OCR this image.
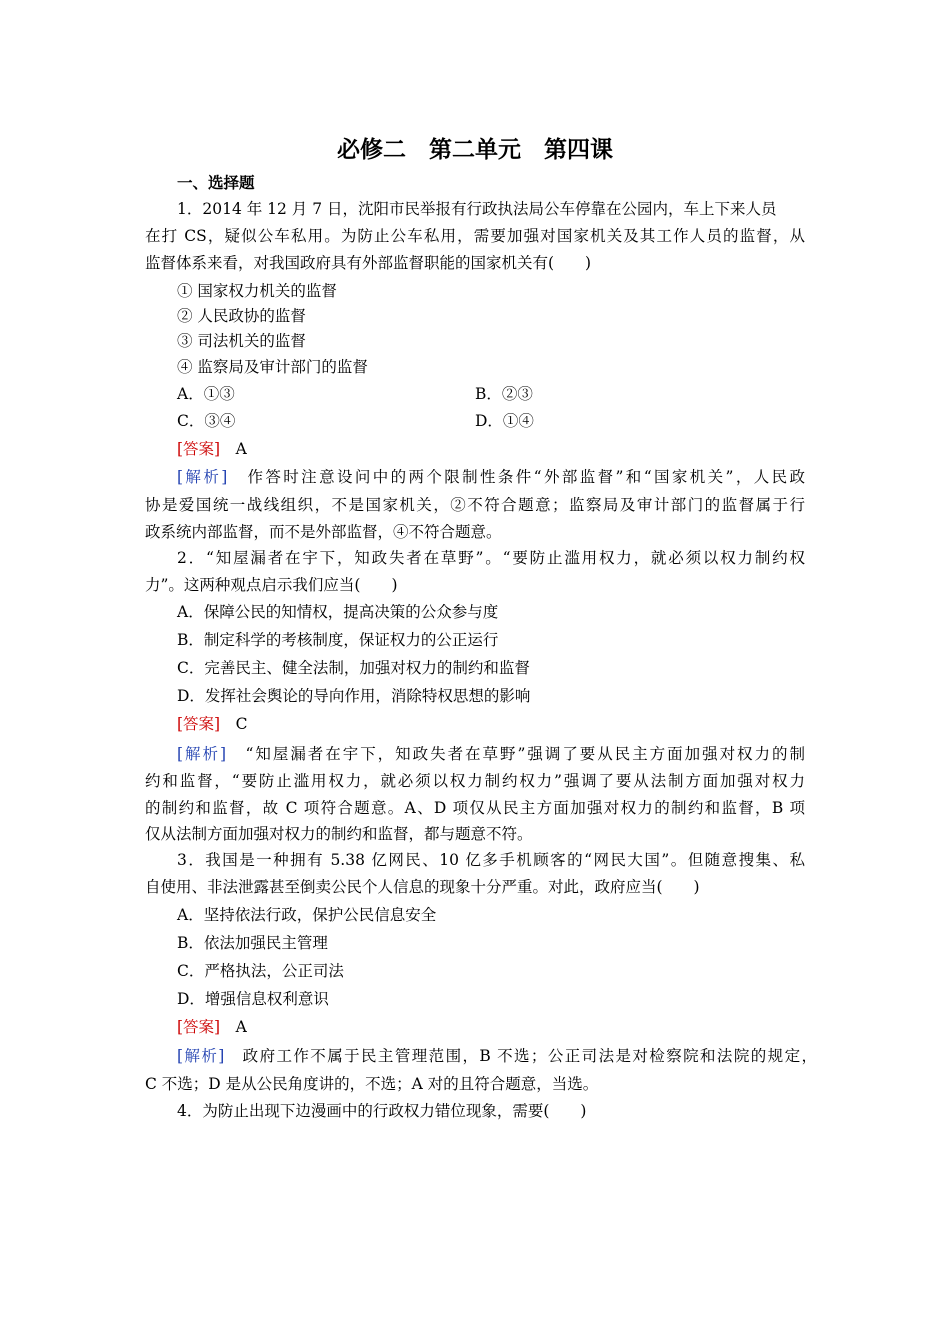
必修二　第二单元　第四课
一、选择题
1．2014 年 12 月 7 日，沈阳市民举报有行政执法局公车停靠在公园内，车上下来人员
在打 CS，疑似公车私用。为防止公车私用，需要加强对国家机关及其工作人员的监督，从
监督体系来看，对我国政府具有外部监督职能的国家机关有(　　)
① 国家权力机关的监督
② 人民政协的监督
③ 司法机关的监督
④ 监察局及审计部门的监督
A．①③	B．②③
C．③④	D．①④
[答案]　 A
[解析]　 作答时注意设问中的两个限制性条件“外部监督”和“国家机关”，人民政
协是爱国统一战线组织，不是国家机关，②不符合题意；监察局及审计部门的监督属于行
政系统内部监督，而不是外部监督，④不符合题意。
2．“知屋漏者在宇下，知政失者在草野”。“要防止滥用权力，就必须以权力制约权
力”。这两种观点启示我们应当(　　)
A．保障公民的知情权，提高决策的公众参与度
B．制定科学的考核制度，保证权力的公正运行
C．完善民主、健全法制，加强对权力的制约和监督
D．发挥社会舆论的导向作用，消除特权思想的影响
[答案]　 C
[解析]　 “知屋漏者在宇下，知政失者在草野”强调了要从民主方面加强对权力的制
约和监督，“要防止滥用权力，就必须以权力制约权力”强调了要从法制方面加强对权力
的制约和监督，故 C 项符合题意。A、D 项仅从民主方面加强对权力的制约和监督，B 项
仅从法制方面加强对权力的制约和监督，都与题意不符。
3．我国是一种拥有 5.38 亿网民、10 亿多手机顾客的“网民大国”。但随意搜集、私
自使用、非法泄露甚至倒卖公民个人信息的现象十分严重。对此，政府应当(　　)
A．坚持依法行政，保护公民信息安全
B．依法加强民主管理
C．严格执法，公正司法
D．增强信息权利意识
[答案]　 A
[解析]　 政府工作不属于民主管理范围，B 不选；公正司法是对检察院和法院的规定，
C 不选；D 是从公民角度讲的，不选；A 对的且符合题意，当选。
4．为防止出现下边漫画中的行政权力错位现象，需要(　　)
